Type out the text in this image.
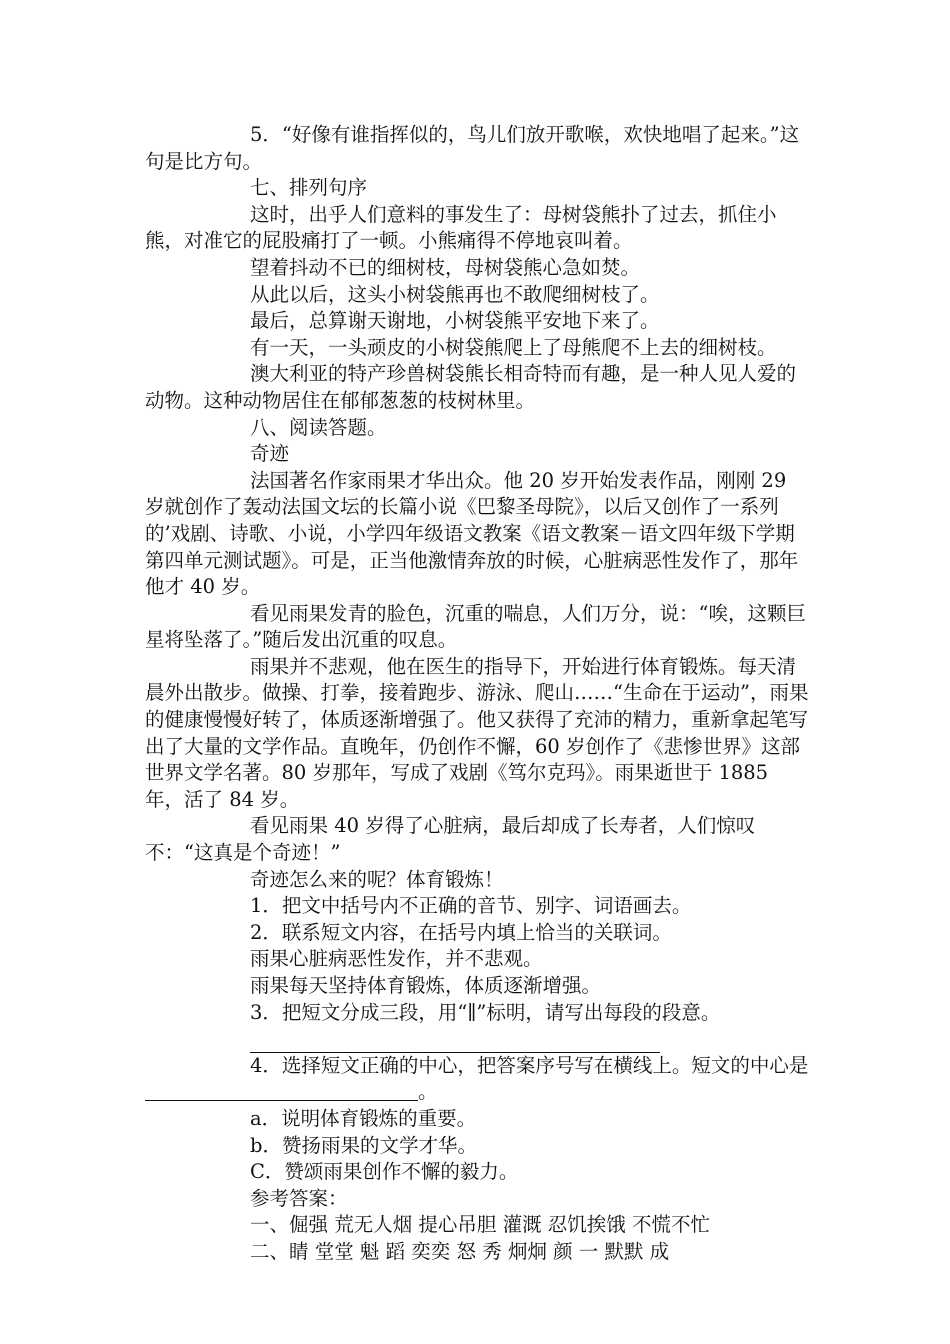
5．“好像有谁指挥似的，鸟儿们放开歌喉，欢快地唱了起来。”这句是比方句。

七、排列句序

这时，出乎人们意料的事发生了：母树袋熊扑了过去，抓住小熊，对准它的屁股痛打了一顿。小熊痛得不停地哀叫着。

望着抖动不已的细树枝，母树袋熊心急如焚。

从此以后，这头小树袋熊再也不敢爬细树枝了。

最后，总算谢天谢地，小树袋熊平安地下来了。

有一天，一头顽皮的小树袋熊爬上了母熊爬不上去的细树枝。

澳大利亚的特产珍兽树袋熊长相奇特而有趣，是一种人见人爱的动物。这种动物居住在郁郁葱葱的枝树林里。

八、阅读答题。

奇迹

法国著名作家雨果才华出众。他 20 岁开始发表作品，刚刚 29 岁就创作了轰动法国文坛的长篇小说《巴黎圣母院》，以后又创作了一系列的’戏剧、诗歌、小说，小学四年级语文教案《语文教案－语文四年级下学期 第四单元测试题》。可是，正当他激情奔放的时候，心脏病恶性发作了，那年他才 40 岁。

看见雨果发青的脸色，沉重的喘息，人们万分，说：“唉，这颗巨星将坠落了。”随后发出沉重的叹息。

雨果并不悲观，他在医生的指导下，开始进行体育锻炼。每天清晨外出散步。做操、打拳，接着跑步、游泳、爬山……“生命在于运动”，雨果的健康慢慢好转了，体质逐渐增强了。他又获得了充沛的精力，重新拿起笔写出了大量的文学作品。直晚年，仍创作不懈，60 岁创作了《悲惨世界》这部世界文学名著。80 岁那年，写成了戏剧《笃尔克玛》。雨果逝世于 1885 年，活了 84 岁。

看见雨果 40 岁得了心脏病，最后却成了长寿者，人们惊叹不：“这真是个奇迹！”

奇迹怎么来的呢？体育锻炼！

1．把文中括号内不正确的音节、别字、词语画去。

2．联系短文内容，在括号内填上恰当的关联词。

雨果心脏病恶性发作，并不悲观。

雨果每天坚持体育锻炼，体质逐渐增强。

3．把短文分成三段，用“∥”标明，请写出每段的段意。

4．选择短文正确的中心，把答案序号写在横线上。短文的中心是。

a．说明体育锻炼的重要。

b．赞扬雨果的文学才华。

C．赞颂雨果创作不懈的毅力。

参考答案：

一、倔强 荒无人烟 提心吊胆 灌溉 忍饥挨饿 不慌不忙

二、睛 堂堂 魁 蹈 奕奕 怒 秀 炯炯 颜 一 默默 成
